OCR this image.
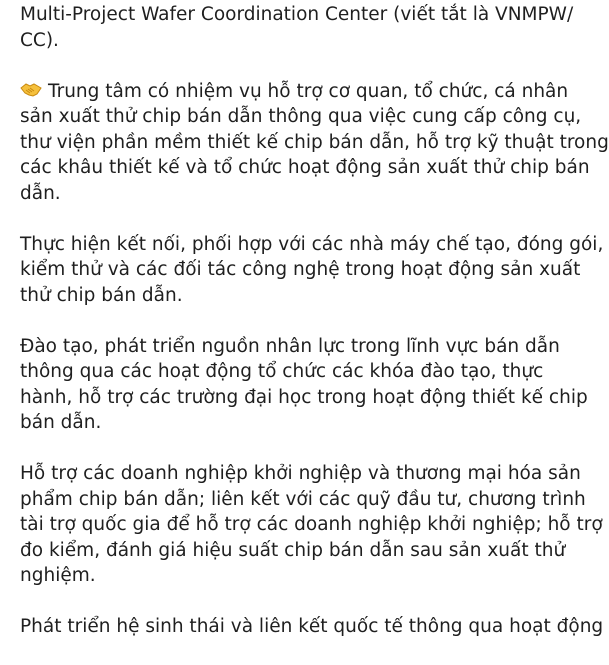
Multi-Project Wafer Coordination Center (viết tắt là VNMPW/
CC).

Trung tâm có nhiệm vụ hỗ trợ cơ quan, tổ chức, cá nhân
sản xuất thử chip bán dẫn thông qua việc cung cấp công cụ,
thư viện phần mềm thiết kế chip bán dẫn, hỗ trợ kỹ thuật trong
các khâu thiết kế và tổ chức hoạt động sản xuất thử chip bán
dẫn.

Thực hiện kết nối, phối hợp với các nhà máy chế tạo, đóng gói,
kiểm thử và các đối tác công nghệ trong hoạt động sản xuất
thử chip bán dẫn.

Đào tạo, phát triển nguồn nhân lực trong lĩnh vực bán dẫn
thông qua các hoạt động tổ chức các khóa đào tạo, thực
hành, hỗ trợ các trường đại học trong hoạt động thiết kế chip
bán dẫn.

Hỗ trợ các doanh nghiệp khởi nghiệp và thương mại hóa sản
phẩm chip bán dẫn; liên kết với các quỹ đầu tư, chương trình
tài trợ quốc gia để hỗ trợ các doanh nghiệp khởi nghiệp; hỗ trợ
đo kiểm, đánh giá hiệu suất chip bán dẫn sau sản xuất thử
nghiệm.

Phát triển hệ sinh thái và liên kết quốc tế thông qua hoạt động
